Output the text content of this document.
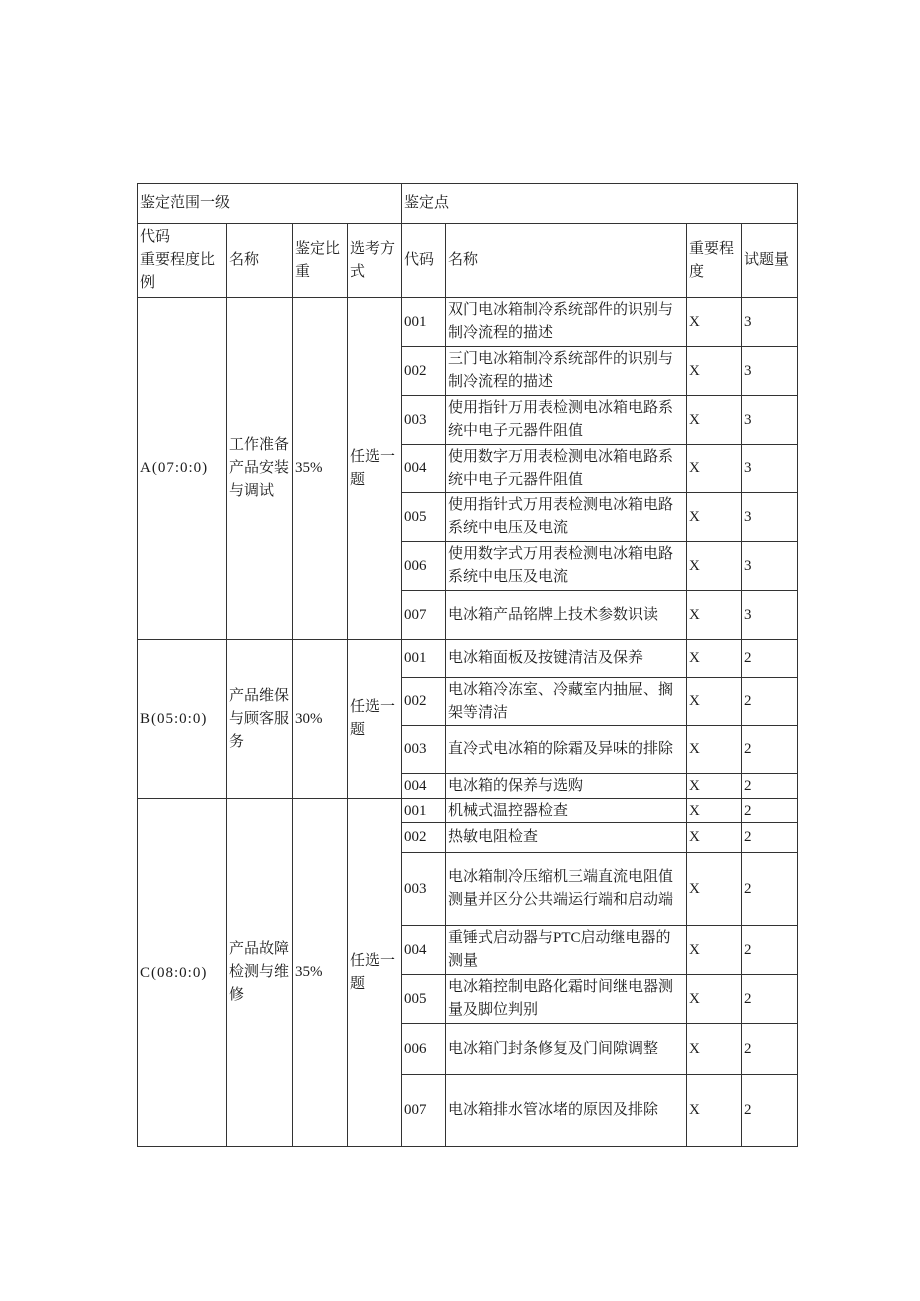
鉴定范围一级				鉴定点			

代码
重要程度比例	名称	鉴定比重	选考方式	代码	名称	重要程度	试题量
A(07:0:0)	工作准备产品安装与调试	35%	任选一题	001	双门电冰箱制冷系统部件的识别与制冷流程的描述	X	3
				002	三门电冰箱制冷系统部件的识别与制冷流程的描述	X	3
				003	使用指针万用表检测电冰箱电路系统中电子元器件阻值	X	3
				004	使用数字万用表检测电冰箱电路系统中电子元器件阻值	X	3
				005	使用指针式万用表检测电冰箱电路系统中电压及电流	X	3
				006	使用数字式万用表检测电冰箱电路系统中电压及电流	X	3
				007	电冰箱产品铭牌上技术参数识读	X	3
B(05:0:0)	产品维保与顾客服务	30%	任选一题	001	电冰箱面板及按键清洁及保养	X	2
				002	电冰箱冷冻室、冷藏室内抽屉、搁架等清洁	X	2
				003	直冷式电冰箱的除霜及异味的排除	X	2
				004	电冰箱的保养与选购	X	2
C(08:0:0)	产品故障检测与维修	35%	任选一题	001	机械式温控器检查	X	2
				002	热敏电阻检查	X	2
				003	电冰箱制冷压缩机三端直流电阻值测量并区分公共端运行端和启动端	X	2
				004	重锤式启动器与PTC启动继电器的测量	X	2
				005	电冰箱控制电路化霜时间继电器测量及脚位判别	X	2
				006	电冰箱门封条修复及门间隙调整	X	2
				007	电冰箱排水管冰堵的原因及排除	X	2
